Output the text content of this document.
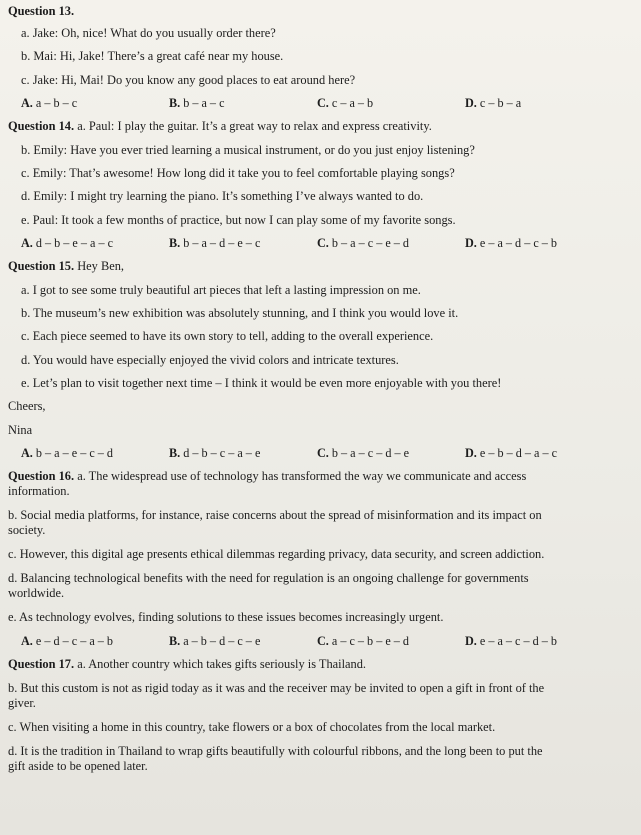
Question 13.

a. Jake: Oh, nice! What do you usually order there?

b. Mai: Hi, Jake! There’s a great café near my house.

c. Jake: Hi, Mai! Do you know any good places to eat around here?

A. a – b – c	B. b – a – c	C. c – a – b	D. c – b – a

Question 14. a. Paul: I play the guitar. It’s a great way to relax and express creativity.

b. Emily: Have you ever tried learning a musical instrument, or do you just enjoy listening?

c. Emily: That’s awesome! How long did it take you to feel comfortable playing songs?

d. Emily: I might try learning the piano. It’s something I’ve always wanted to do.

e. Paul: It took a few months of practice, but now I can play some of my favorite songs.

A. d – b – e – a – c	B. b – a – d – e – c	C. b – a – c – e – d	D. e – a – d – c – b

Question 15. Hey Ben,

a. I got to see some truly beautiful art pieces that left a lasting impression on me.

b. The museum’s new exhibition was absolutely stunning, and I think you would love it.

c. Each piece seemed to have its own story to tell, adding to the overall experience.

d. You would have especially enjoyed the vivid colors and intricate textures.

e. Let’s plan to visit together next time – I think it would be even more enjoyable with you there!

Cheers,

Nina

A. b – a – e – c – d	B. d – b – c – a – e	C. b – a – c – d – e	D. e – b – d – a – c

Question 16. a. The widespread use of technology has transformed the way we communicate and access

information.

b. Social media platforms, for instance, raise concerns about the spread of misinformation and its impact on

society.

c. However, this digital age presents ethical dilemmas regarding privacy, data security, and screen addiction.

d. Balancing technological benefits with the need for regulation is an ongoing challenge for governments

worldwide.

e. As technology evolves, finding solutions to these issues becomes increasingly urgent.

A. e – d – c – a – b	B. a – b – d – c – e	C. a – c – b – e – d	D. e – a – c – d – b

Question 17. a. Another country which takes gifts seriously is Thailand.

b. But this custom is not as rigid today as it was and the receiver may be invited to open a gift in front of the

giver.

c. When visiting a home in this country, take flowers or a box of chocolates from the local market.

d. It is the tradition in Thailand to wrap gifts beautifully with colourful ribbons, and the long been to put the

gift aside to be opened later.
